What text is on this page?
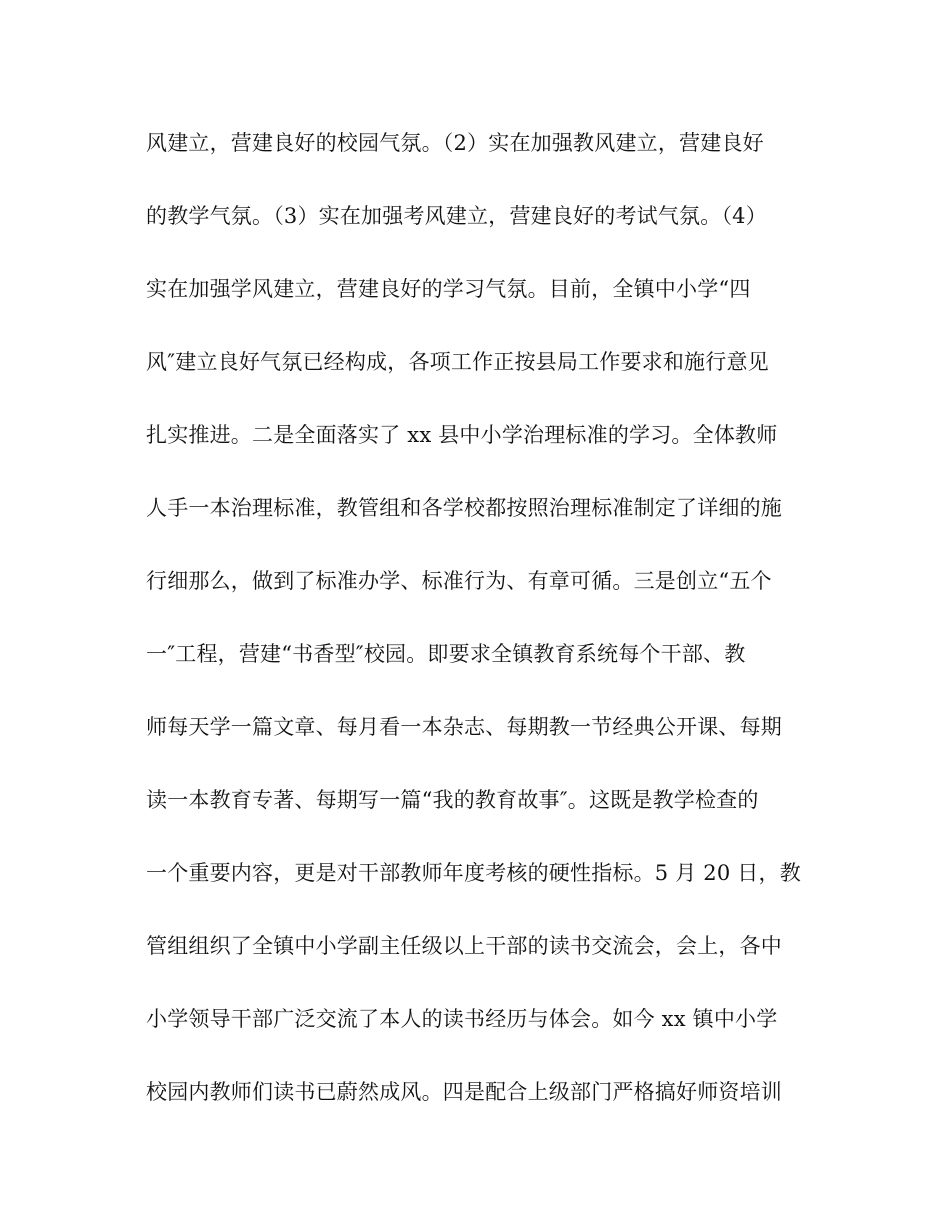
风建立，营建良好的校园气氛。（2）实在加强教风建立，营建良好
的教学气氛。（3）实在加强考风建立，营建良好的考试气氛。（4）
实在加强学风建立，营建良好的学习气氛。目前，全镇中小学“四
风″建立良好气氛已经构成，各项工作正按县局工作要求和施行意见
扎实推进。二是全面落实了 xx 县中小学治理标准的学习。全体教师
人手一本治理标准，教管组和各学校都按照治理标准制定了详细的施
行细那么，做到了标准办学、标准行为、有章可循。三是创立“五个
一″工程，营建“书香型″校园。即要求全镇教育系统每个干部、教
师每天学一篇文章、每月看一本杂志、每期教一节经典公开课、每期
读一本教育专著、每期写一篇“我的教育故事″。这既是教学检查的
一个重要内容，更是对干部教师年度考核的硬性指标。5 月 20 日，教
管组组织了全镇中小学副主任级以上干部的读书交流会，会上，各中
小学领导干部广泛交流了本人的读书经历与体会。如今 xx 镇中小学
校园内教师们读书已蔚然成风。四是配合上级部门严格搞好师资培训
